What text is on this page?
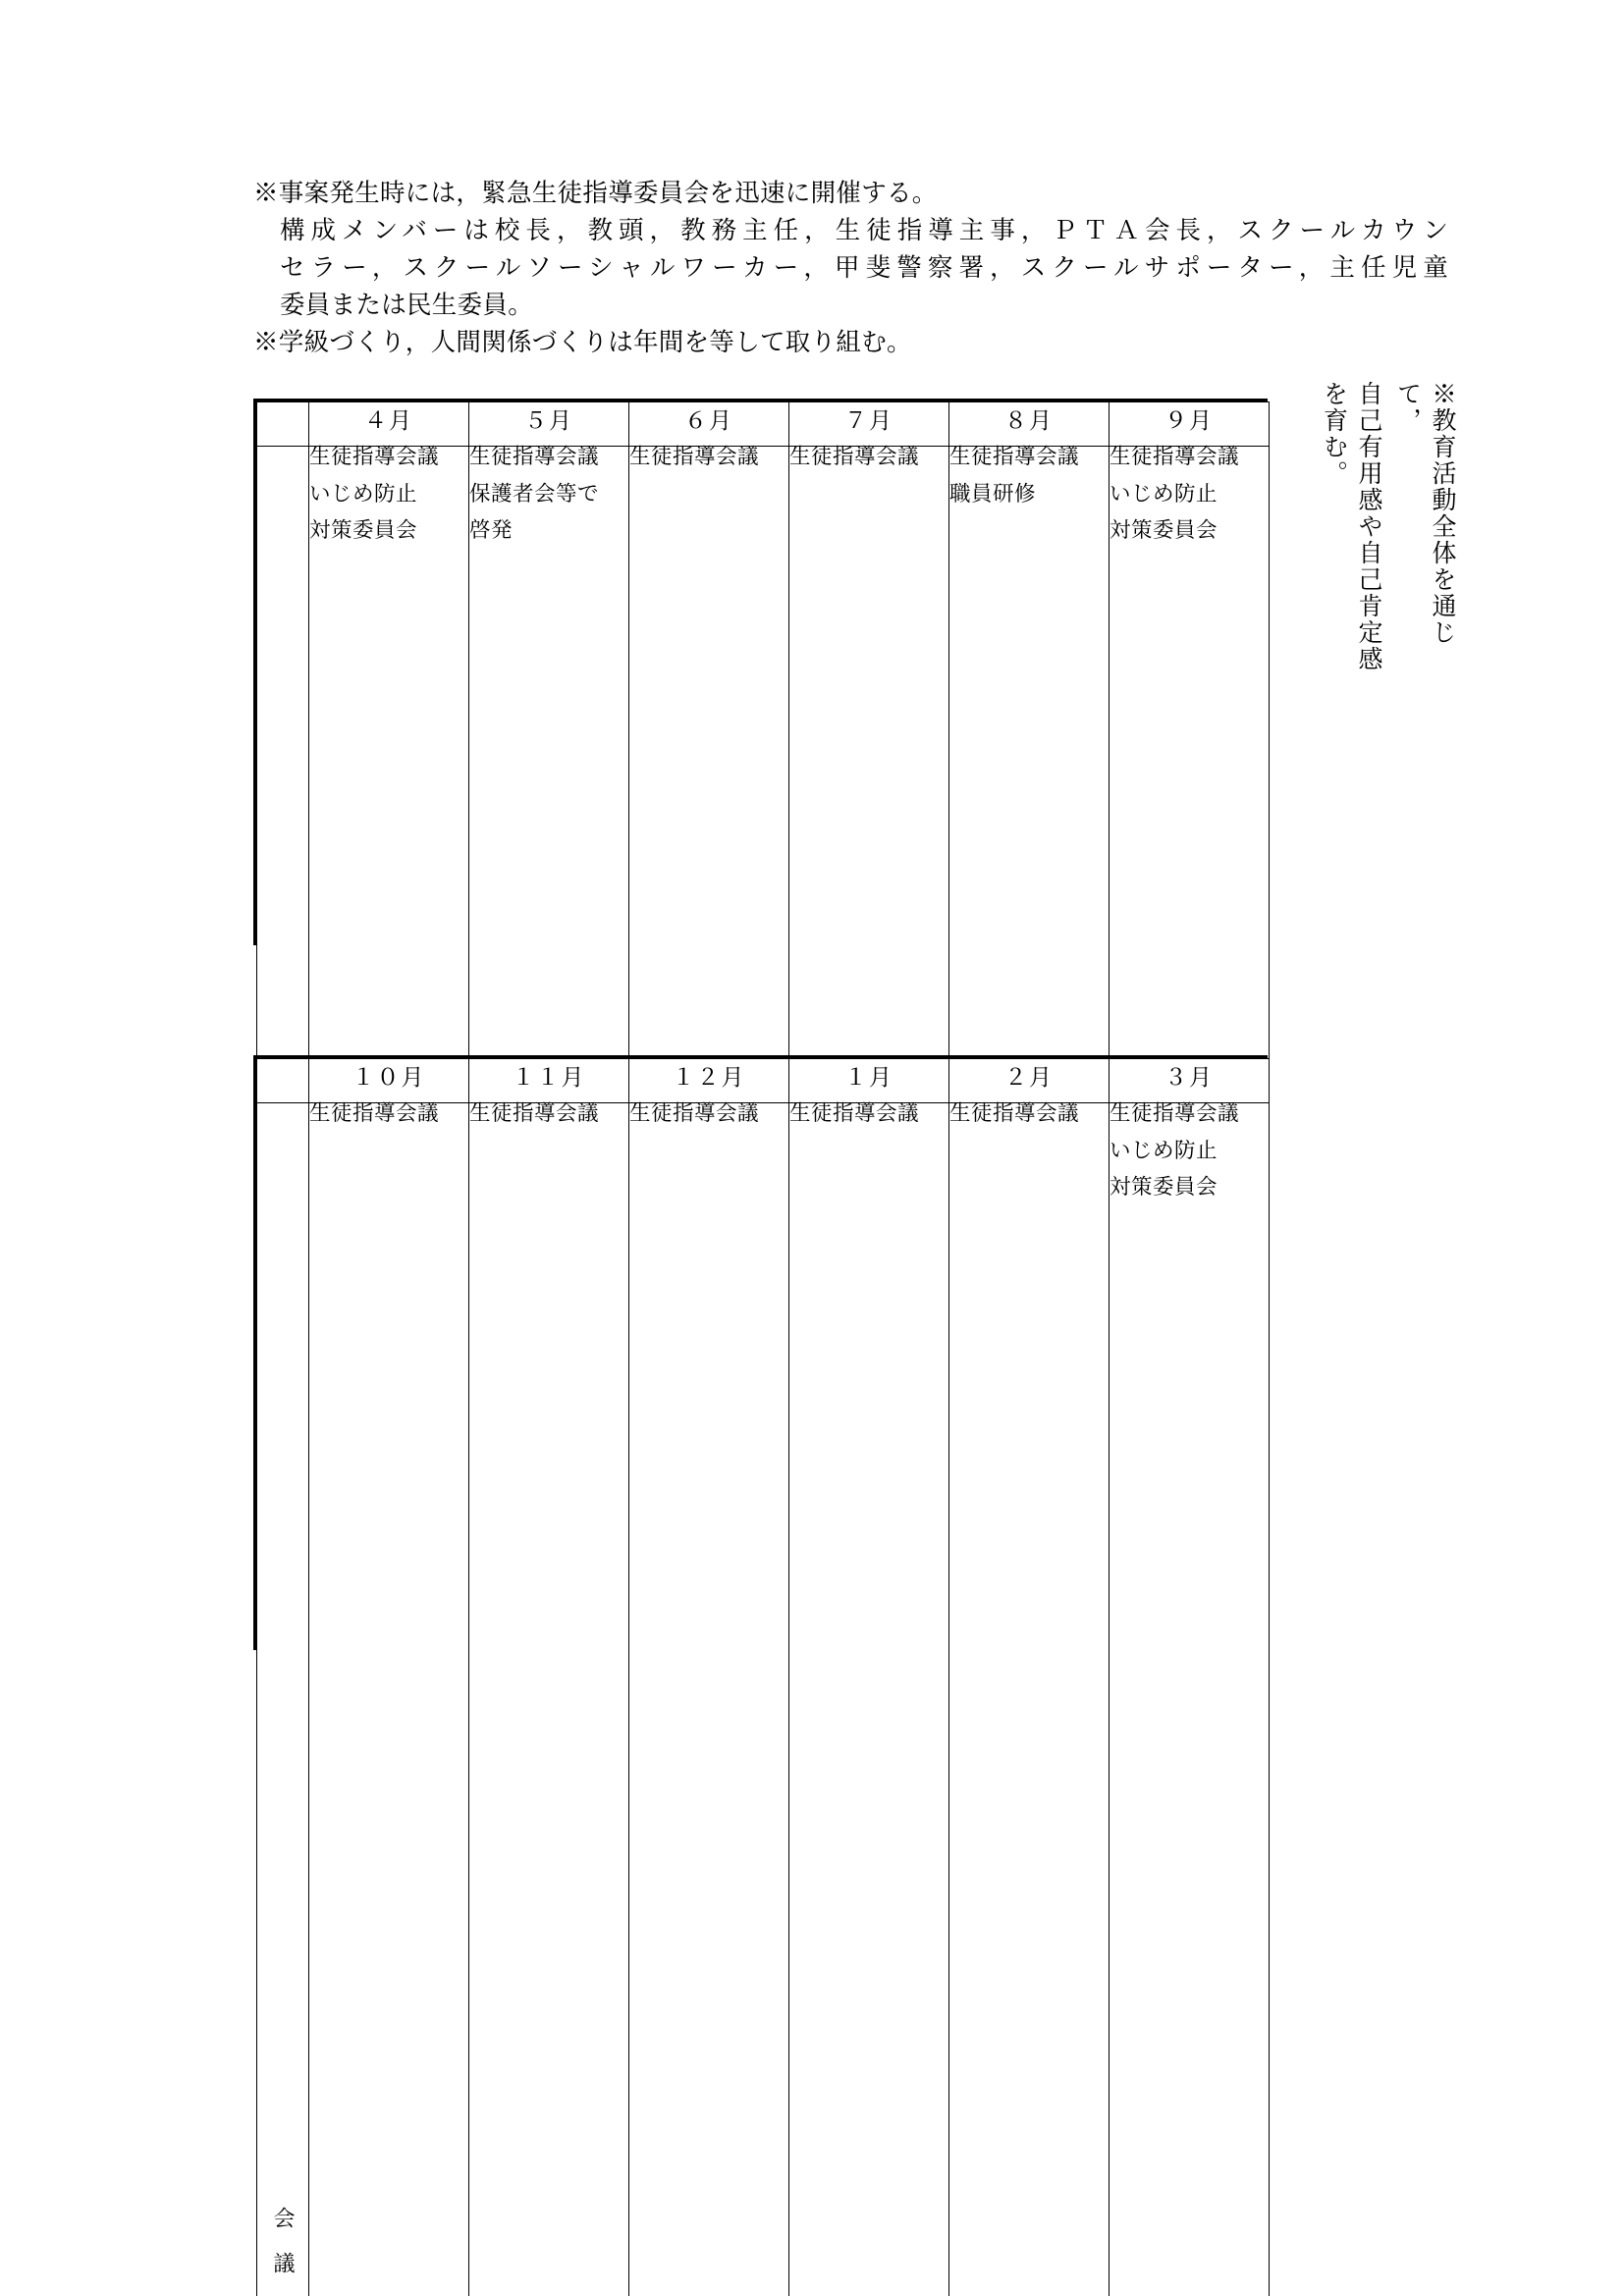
※事案発生時には，緊急生徒指導委員会を迅速に開催する。
構成メンバーは校長，教頭，教務主任，生徒指導主事，ＰＴＡ会長，スクールカウン
セラー，スクールソーシャルワーカー，甲斐警察署，スクールサポーター，主任児童
委員または民生委員。
※学級づくり，人間関係づくりは年間を等して取り組む。
※教育活動全体を通じて，
自己有用感や自己肯定感を育む。
	４月	５月	６月	７月	８月	９月

生徒指導会議
いじめ防止
対策委員会	生徒指導会議
保護者会等で
啓発	生徒指導会議	生徒指導会議	生徒指導会議
職員研修	生徒指導会議
いじめ防止
対策委員会

	１０月	１１月	１２月	１月	２月	３月
会議	生徒指導会議	生徒指導会議	生徒指導会議	生徒指導会議	生徒指導会議	生徒指導会議
いじめ防止
対策委員会
